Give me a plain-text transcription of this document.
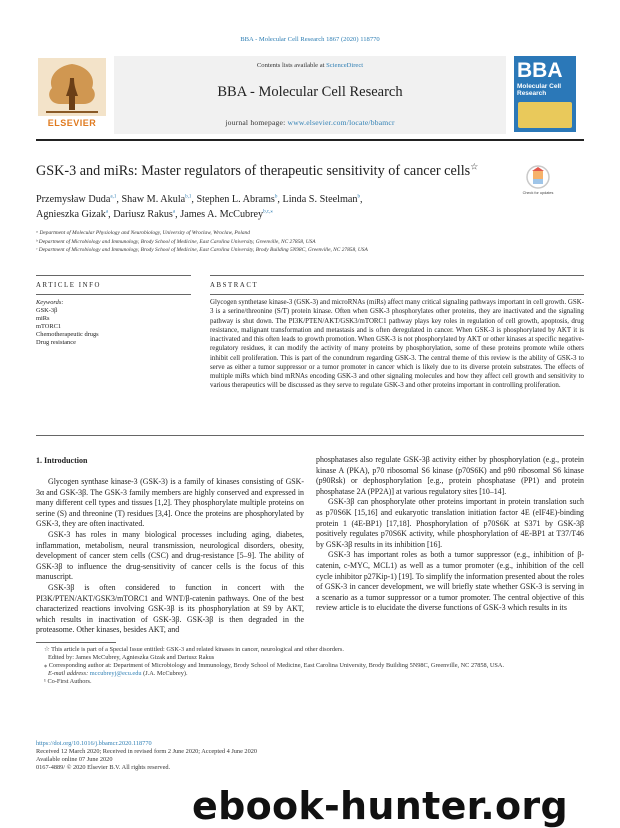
BBA - Molecular Cell Research 1867 (2020) 118770
ELSEVIER
Contents lists available at ScienceDirect
BBA - Molecular Cell Research
journal homepage: www.elsevier.com/locate/bbamcr
BBA
Molecular Cell Research
GSK-3 and miRs: Master regulators of therapeutic sensitivity of cancer cells☆
Check for updates
Przemysław Duda$^{a,1}$, Shaw M. Akula$^{b,1}$, Stephen L. Abrams$^b$, Linda S. Steelman$^b$,
Agnieszka Gizak$^a$, Dariusz Rakus$^a$, James A. McCubrey$^{b,c,⁎}$
ᵃ Department of Molecular Physiology and Neurobiology, University of Wroclaw, Wroclaw, Poland
ᵇ Department of Microbiology and Immunology, Brody School of Medicine, East Carolina University, Greenville, NC 27858, USA
ᶜ Department of Microbiology and Immunology, Brody School of Medicine, East Carolina University, Brody Building 5N98C, Greenville, NC 27858, USA
ARTICLE INFO	ABSTRACT
Keywords:
GSK-3β
miRs
mTORC1
Chemotherapeutic drugs
Drug resistance
Glycogen synthetase kinase-3 (GSK-3) and microRNAs (miRs) affect many critical signaling pathways important in cell growth. GSK-3 is a serine/threonine (S/T) protein kinase. Often when GSK-3 phosphorylates other proteins, they are inactivated and the signaling pathway is shut down. The PI3K/PTEN/AKT/GSK3/mTORC1 pathway plays key roles in regulation of cell growth, apoptosis, drug resistance, malignant transformation and metastasis and is often deregulated in cancer. When GSK-3 is phosphorylated by AKT it is inactivated and this often leads to growth promotion. When GSK-3 is not phosphorylated by AKT or other kinases at specific negative-regulatory residues, it can modify the activity of many proteins by phosphorylation, some of these proteins promote while others inhibit cell proliferation. This is part of the conundrum regarding GSK-3. The central theme of this review is the ability of GSK-3 to serve as either a tumor suppressor or a tumor promoter in cancer which is likely due to its diverse protein substrates. The effects of multiple miRs which bind mRNAs encoding GSK-3 and other signaling molecules and how they affect cell growth and sensitivity to various therapeutics will be discussed as they serve to regulate GSK-3 and other proteins important in controlling proliferation.
1. Introduction

Glycogen synthase kinase-3 (GSK-3) is a family of kinases consisting of GSK-3α and GSK-3β. The GSK-3 family members are highly conserved and expressed in many different cell types and tissues [1,2]. They phosphorylate multiple proteins on serine (S) and threonine (T) residues [3,4]. Once the proteins are phosphorylated by GSK-3, they are often inactivated.

GSK-3 has roles in many biological processes including aging, diabetes, inflammation, metabolism, neural transmission, neurological disorders, obesity, development of cancer stem cells (CSC) and drug-resistance [5–9]. The ability of GSK-3β to influence the drug-sensitivity of cancer cells is the focus of this manuscript.

GSK-3β is often considered to function in concert with the PI3K/PTEN/AKT/GSK3/mTORC1 and WNT/β-catenin pathways. One of the best characterized reactions involving GSK-3β is its phosphorylation at S9 by AKT, which results in inactivation of GSK-3β. GSK-3β is then degraded in the proteasome. Other kinases, besides AKT, and

phosphatases also regulate GSK-3β activity either by phosphorylation (e.g., protein kinase A (PKA), p70 ribosomal S6 kinase (p70S6K) and p90 ribosomal S6 kinase (p90Rsk) or dephosphorylation [e.g., protein phosphatase (PP1) and protein phosphatase 2A (PP2A)] at various regulatory sites [10–14].

GSK-3β can phosphorylate other proteins important in protein translation such as p70S6K [15,16] and eukaryotic translation initiation factor 4E (eIF4E)-binding protein 1 (4E-BP1) [17,18]. Phosphorylation of p70S6K at S371 by GSK-3β positively regulates p70S6K activity, while phosphorylation of 4E-BP1 at T37/T46 by GSK-3β results in its inhibition [16].

GSK-3 has important roles as both a tumor suppressor (e.g., inhibition of β-catenin, c-MYC, MCL1) as well as a tumor promoter (e.g., inhibition of the cell cycle inhibitor p27Kip-1) [19]. To simplify the information presented about the roles of GSK-3 in cancer development, we will briefly state whether GSK-3 is serving in a scenario as a tumor suppressor or a tumor promoter. The central objective of this review article is to elucidate the diverse functions of GSK-3 which results in its

☆ This article is part of a Special Issue entitled: GSK-3 and related kinases in cancer, neurological and other disorders.
Edited by: James McCubrey, Agnieszka Gizak and Dariusz Rakus
⁎ Corresponding author at: Department of Microbiology and Immunology, Brody School of Medicine, East Carolina University, Brody Building 5N98C, Greenville, NC 27858, USA.
E-mail address: mccubreyj@ecu.edu (J.A. McCubrey).
¹ Co-First Authors.
https://doi.org/10.1016/j.bbamcr.2020.118770
Received 12 March 2020; Received in revised form 2 June 2020; Accepted 4 June 2020
Available online 07 June 2020
0167-4889/ © 2020 Elsevier B.V. All rights reserved.
ebook-hunter.org
